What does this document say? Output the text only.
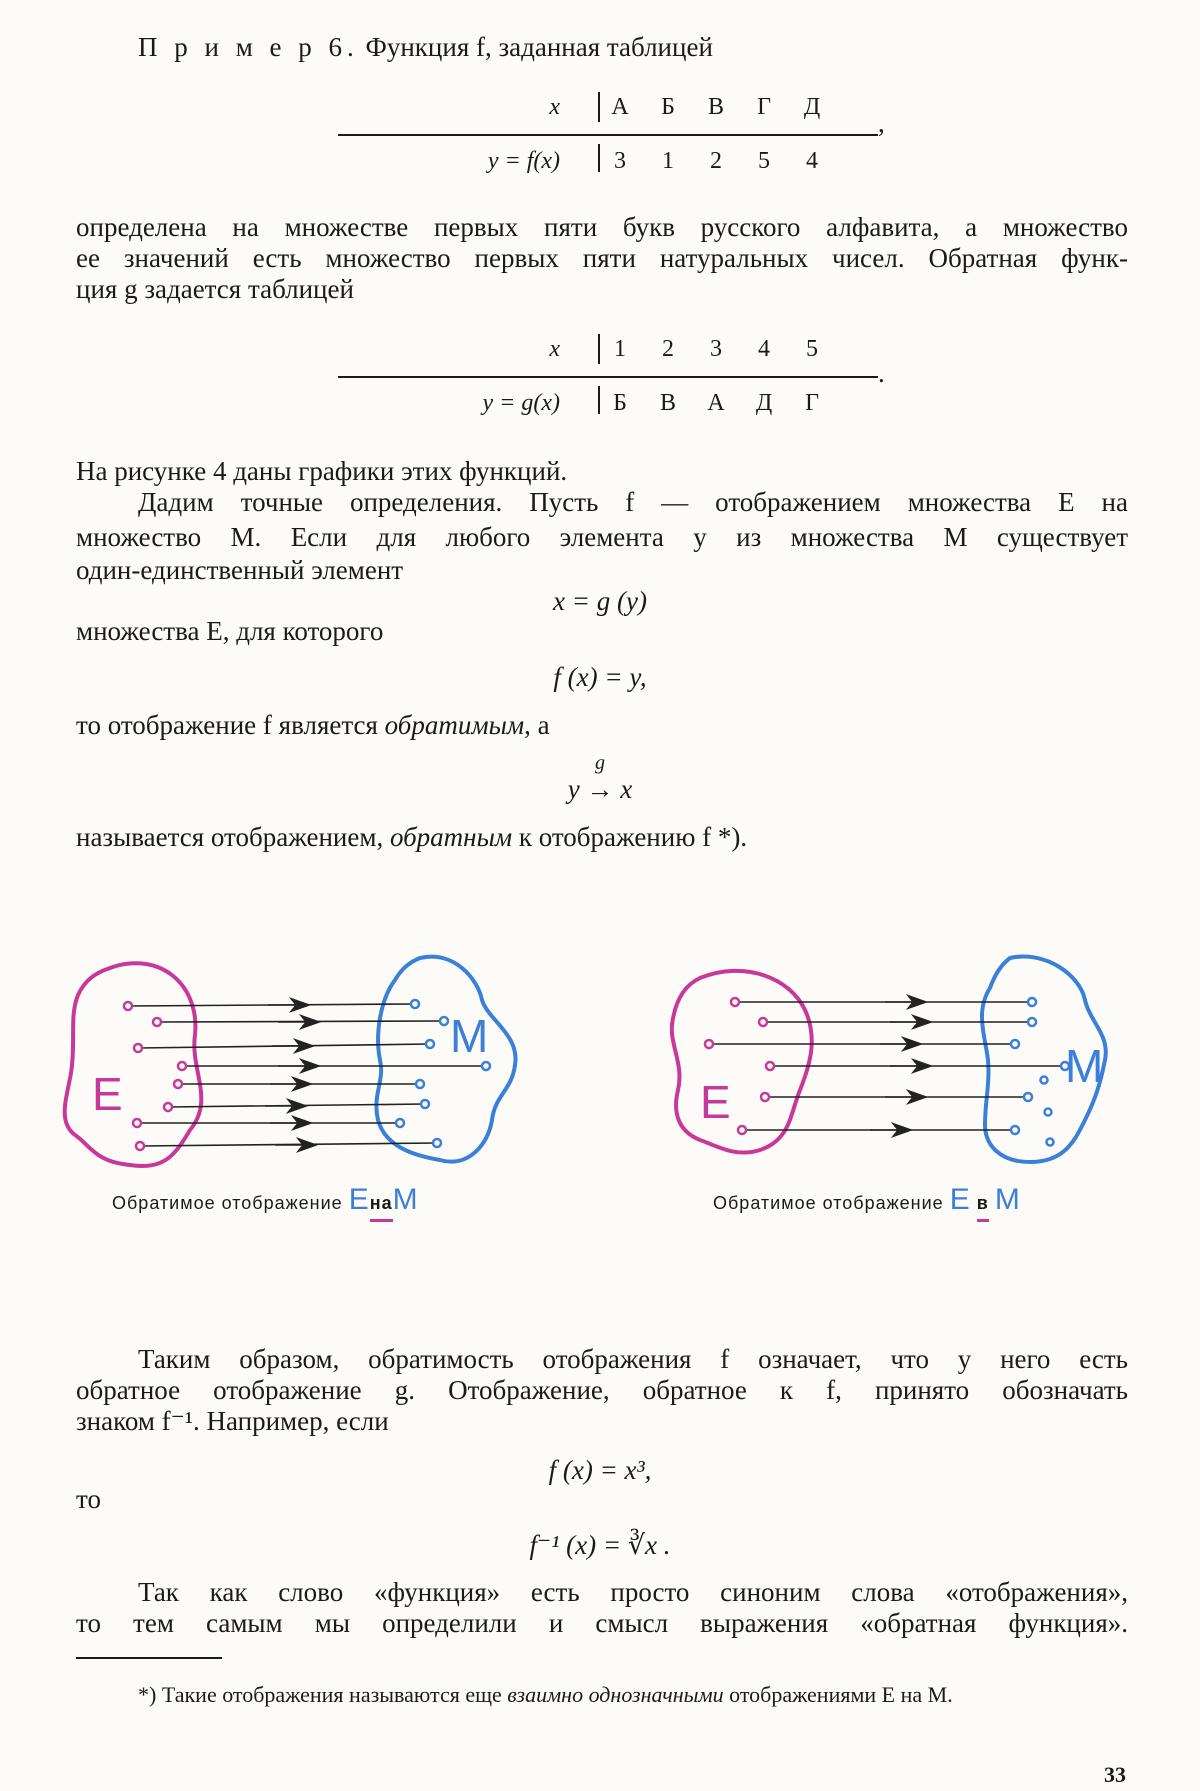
П р и м е р 6. Функция f, заданная таблицей
x	А	Б	В	Г	Д
y = f(x)	3	1	2	5	4
,
определена на множестве первых пяти букв русского алфавита, а множество
ее значений есть множество первых пяти натуральных чисел. Обратная функ-
ция g задается таблицей
x	1	2	3	4	5
y = g(x)	Б	В	А	Д	Г
.
На рисунке 4 даны графики этих функций.
Дадим точные определения. Пусть f — отображением множества E на
множество M. Если для любого элемента y из множества M существует
один-единственный элемент
x = g (y)
множества E, для которого
f (x) = y,
то отображение f является обратимым, а
g
y → x
называется отображением, обратным к отображению f *).
E
M
E
M
Обратимое отображение EнаM	Обратимое отображение E в M
Таким образом, обратимость отображения f означает, что у него есть
обратное отображение g. Отображение, обратное к f, принято обозначать
знаком f⁻¹. Например, если
f (x) = x³,
то
f⁻¹ (x) = ∛x .
Так как слово «функция» есть просто синоним слова «отображения»,
то тем самым мы определили и смысл выражения «обратная функция».
*) Такие отображения называются еще взаимно однозначными отображениями E на M.
33
